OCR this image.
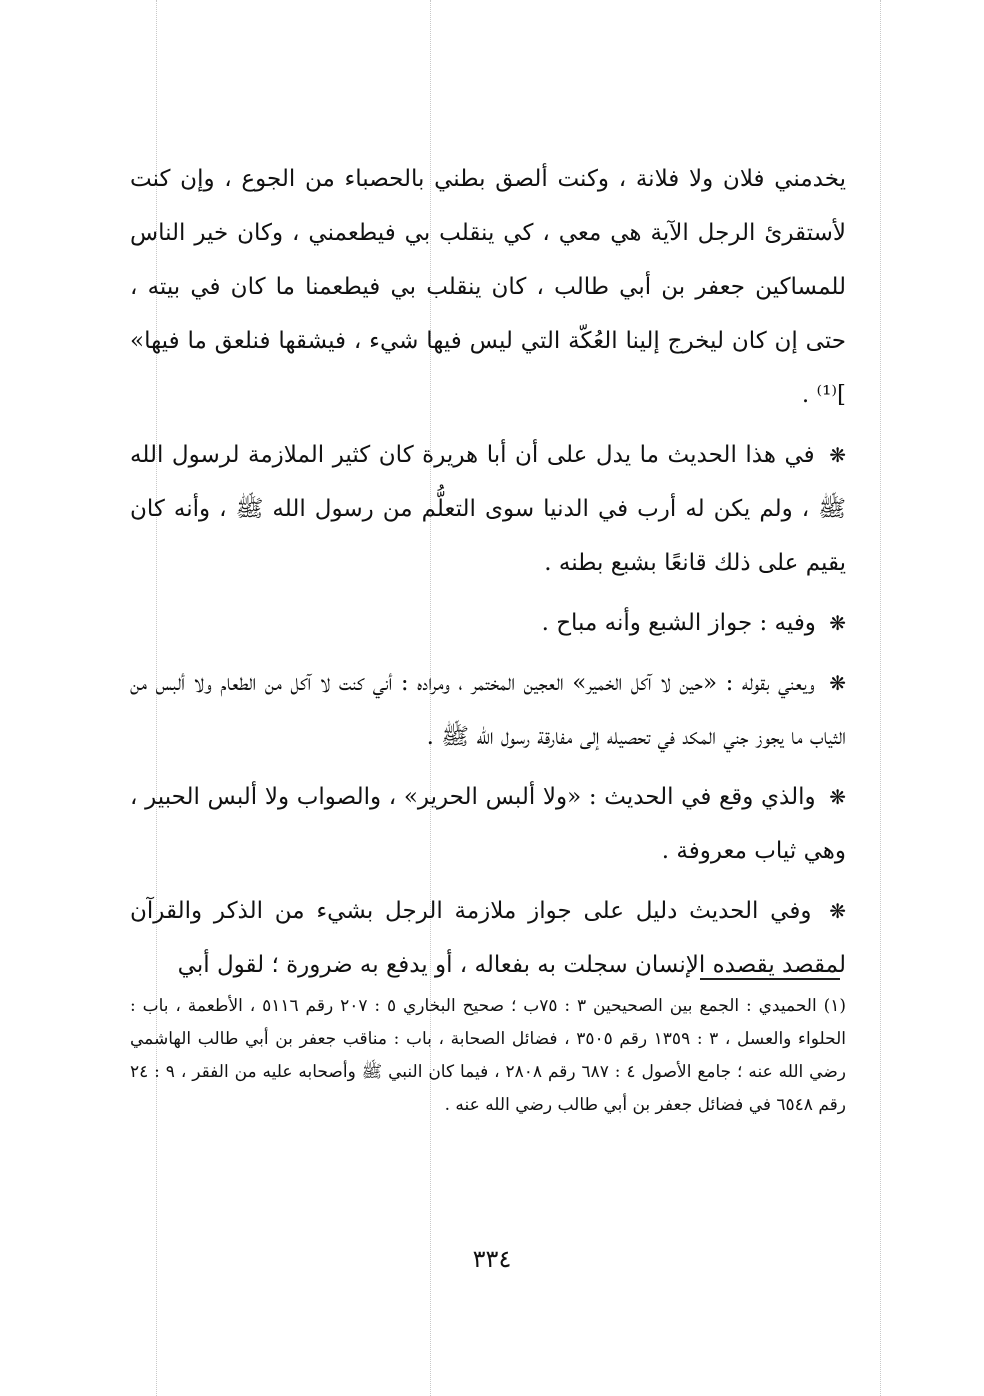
يخدمني فلان ولا فلانة ، وكنت ألصق بطني بالحصباء من الجوع ، وإن كنت لأستقرئ الرجل الآية هي معي ، كي ينقلب بي فيطعمني ، وكان خير الناس للمساكين جعفر بن أبي طالب ، كان ينقلب بي فيطعمنا ما كان في بيته ، حتى إن كان ليخرج إلينا العُكّة التي ليس فيها شيء ، فيشقها فنلعق ما فيها» ]⁽¹⁾ .

❋ في هذا الحديث ما يدل على أن أبا هريرة كان كثير الملازمة لرسول الله ﷺ ، ولم يكن له أرب في الدنيا سوى التعلُّم من رسول الله ﷺ ، وأنه كان يقيم على ذلك قانعًا بشبع بطنه .

❋ وفيه : جواز الشبع وأنه مباح .

❋ ويعني بقوله : «حين لا آكل الخمير» العجين المختمر ، ومراده : أني كنت لا آكل من الطعام ولا ألبس من الثياب ما يجوز جني المكد في تحصيله إلى مفارقة رسول الله ﷺ .

❋ والذي وقع في الحديث : «ولا ألبس الحرير» ، والصواب ولا ألبس الحبير ، وهي ثياب معروفة .

❋ وفي الحديث دليل على جواز ملازمة الرجل بشيء من الذكر والقرآن لمقصد يقصده الإنسان سجلت به بفعاله ، أو يدفع به ضرورة ؛ لقول أبي

(١) الحميدي : الجمع بين الصحيحين ٣ : ٧٥ب ؛ صحيح البخاري ٥ : ٢٠٧ رقم ٥١١٦ ، الأطعمة ، باب : الحلواء والعسل ، ٣ : ١٣٥٩ رقم ٣٥٠٥ ، فضائل الصحابة ، باب : مناقب جعفر بن أبي طالب الهاشمي رضي الله عنه ؛ جامع الأصول ٤ : ٦٨٧ رقم ٢٨٠٨ ، فيما كان النبي ﷺ وأصحابه عليه من الفقر ، ٩ : ٢٤ رقم ٦٥٤٨ في فضائل جعفر بن أبي طالب رضي الله عنه .

٣٣٤
